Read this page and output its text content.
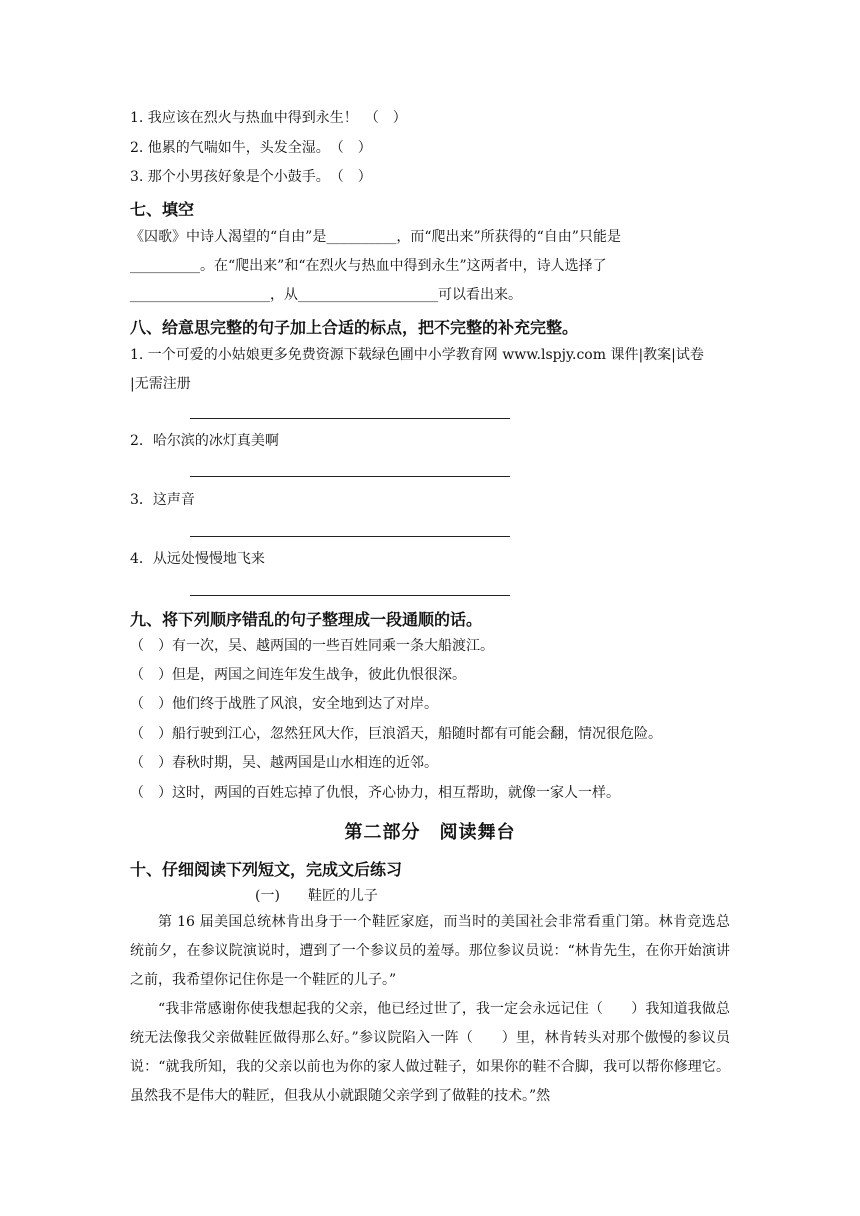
1. 我应该在烈火与热血中得到永生！　（　）
2. 他累的气喘如牛，头发全湿。　（　）
3. 那个小男孩好象是个小鼓手。　（　）
七、填空
《囚歌》中诗人渴望的“自由”是__________，而“爬出来”所获得的“自由”只能是
__________。在“爬出来”和“在烈火与热血中得到永生”这两者中，诗人选择了
____________________，从____________________可以看出来。
八、给意思完整的句子加上合适的标点，把不完整的补充完整。
1. 一个可爱的小姑娘更多免费资源下载绿色圃中小学教育网 www.lspjy.com 课件|教案|试卷
|无需注册
2．哈尔滨的冰灯真美啊
3．这声音
4．从远处慢慢地飞来
九、将下列顺序错乱的句子整理成一段通顺的话。
（　）有一次，吴、越两国的一些百姓同乘一条大船渡江。
（　）但是，两国之间连年发生战争，彼此仇恨很深。
（　）他们终于战胜了风浪，安全地到达了对岸。
（　）船行驶到江心，忽然狂风大作，巨浪滔天，船随时都有可能会翻，情况很危险。
（　）春秋时期，吴、越两国是山水相连的近邻。
（　）这时，两国的百姓忘掉了仇恨，齐心协力，相互帮助，就像一家人一样。
第二部分　阅读舞台
十、仔细阅读下列短文，完成文后练习
(一)　　鞋匠的儿子

第 16 届美国总统林肯出身于一个鞋匠家庭，而当时的美国社会非常看重门第。林肯竞选总统前夕，在参议院演说时，遭到了一个参议员的羞辱。那位参议员说：“林肯先生，在你开始演讲之前，我希望你记住你是一个鞋匠的儿子。”

“我非常感谢你使我想起我的父亲，他已经过世了，我一定会永远记住（　　）我知道我做总统无法像我父亲做鞋匠做得那么好。”参议院陷入一阵（　　）里，林肯转头对那个傲慢的参议员说：“就我所知，我的父亲以前也为你的家人做过鞋子，如果你的鞋不合脚，我可以帮你修理它。虽然我不是伟大的鞋匠，但我从小就跟随父亲学到了做鞋的技术。”然
